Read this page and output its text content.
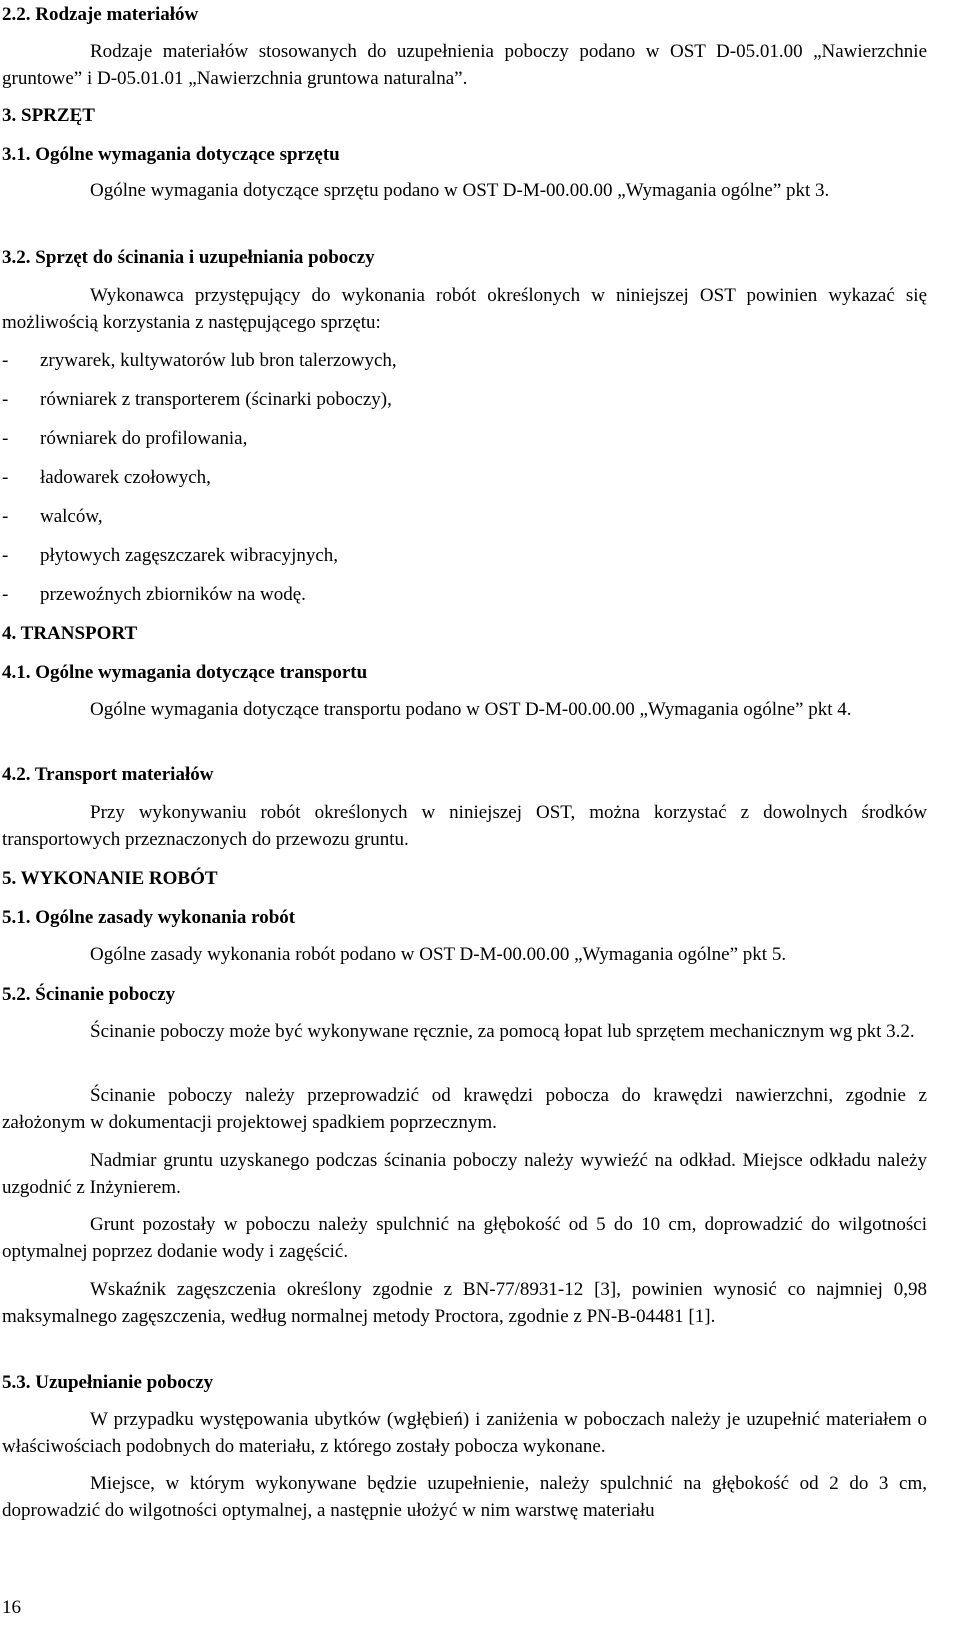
2.2. Rodzaje materiałów

Rodzaje materiałów stosowanych do uzupełnienia poboczy podano w OST D-05.01.00 „Nawierzchnie gruntowe” i D-05.01.01 „Nawierzchnia gruntowa naturalna”.

3. SPRZĘT
3.1. Ogólne wymagania dotyczące sprzętu

Ogólne wymagania dotyczące sprzętu podano w OST D-M-00.00.00 „Wymagania ogólne” pkt 3.

3.2. Sprzęt do ścinania i uzupełniania poboczy

Wykonawca przystępujący do wykonania robót określonych w niniejszej OST powinien wykazać się możliwością korzystania z następującego sprzętu:

- zrywarek, kultywatorów lub bron talerzowych,
- równiarek z transporterem (ścinarki poboczy),
- równiarek do profilowania,
- ładowarek czołowych,
- walców,
- płytowych zagęszczarek wibracyjnych,
- przewoźnych zbiorników na wodę.
4. TRANSPORT
4.1. Ogólne wymagania dotyczące transportu

Ogólne wymagania dotyczące transportu podano w OST D-M-00.00.00 „Wymagania ogólne” pkt 4.

4.2. Transport materiałów

Przy wykonywaniu robót określonych w niniejszej OST, można korzystać z dowolnych środków transportowych przeznaczonych do przewozu gruntu.

5. WYKONANIE ROBÓT
5.1. Ogólne zasady wykonania robót

Ogólne zasady wykonania robót podano w OST D-M-00.00.00 „Wymagania ogólne” pkt 5.

5.2. Ścinanie poboczy

Ścinanie poboczy może być wykonywane ręcznie, za pomocą łopat lub sprzętem mechanicznym wg pkt 3.2.

Ścinanie poboczy należy przeprowadzić od krawędzi pobocza do krawędzi nawierzchni, zgodnie z założonym w dokumentacji projektowej spadkiem poprzecznym.

Nadmiar gruntu uzyskanego podczas ścinania poboczy należy wywieźć na odkład. Miejsce odkładu należy uzgodnić z Inżynierem.

Grunt pozostały w poboczu należy spulchnić na głębokość od 5 do 10 cm, doprowadzić do wilgotności optymalnej poprzez dodanie wody i zagęścić.

Wskaźnik zagęszczenia określony zgodnie z BN-77/8931-12 [3], powinien wynosić co najmniej 0,98 maksymalnego zagęszczenia, według normalnej metody Proctora, zgodnie z PN-B-04481 [1].

5.3. Uzupełnianie poboczy

W przypadku występowania ubytków (wgłębień) i zaniżenia w poboczach należy je uzupełnić materiałem o właściwościach podobnych do materiału, z którego zostały pobocza wykonane.

Miejsce, w którym wykonywane będzie uzupełnienie, należy spulchnić na głębokość od 2 do 3 cm, doprowadzić do wilgotności optymalnej, a następnie ułożyć w nim warstwę materiału

16
